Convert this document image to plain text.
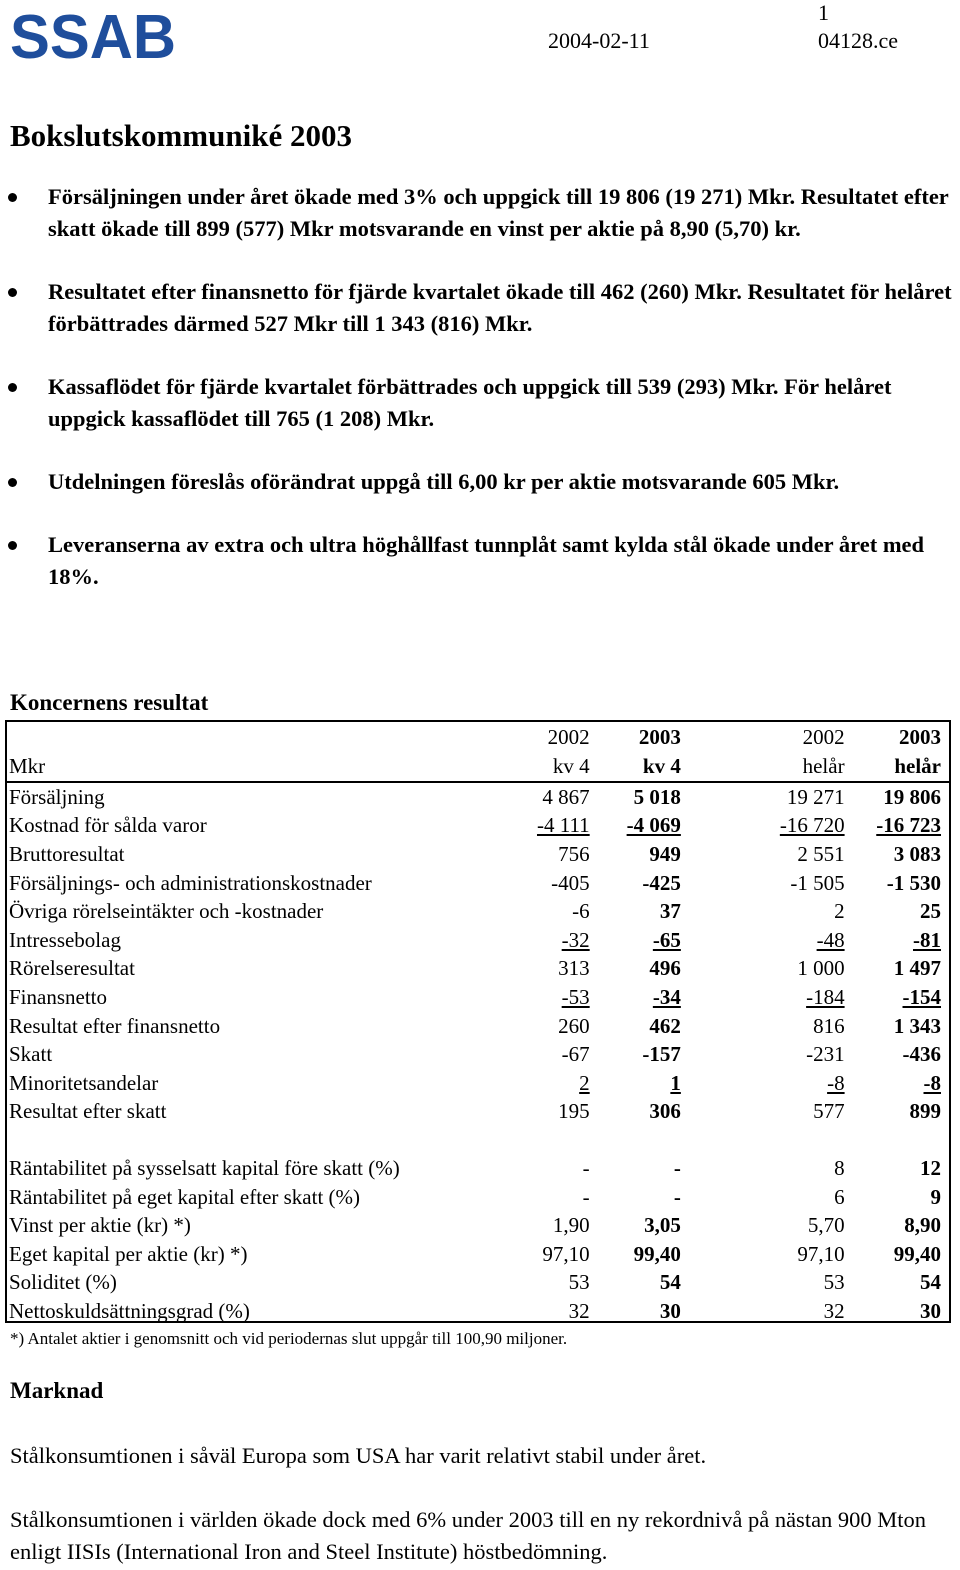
SSAB	1
2004-02-11	04128.ce
Bokslutskommuniké 2003
Försäljningen under året ökade med 3% och uppgick till 19 806 (19 271) Mkr. Resultatet efter skatt ökade till 899 (577) Mkr motsvarande en vinst per aktie på 8,90 (5,70) kr.
Resultatet efter finansnetto för fjärde kvartalet ökade till 462 (260) Mkr. Resultatet för helåret förbättrades därmed 527 Mkr till 1 343 (816) Mkr.
Kassaflödet för fjärde kvartalet förbättrades och uppgick till 539 (293) Mkr. För helåret uppgick kassaflödet till 765 (1 208) Mkr.
Utdelningen föreslås oförändrat uppgå till 6,00 kr per aktie motsvarande 605 Mkr.
Leveranserna av extra och ultra höghållfast tunnplåt samt kylda stål ökade under året med 18%.
Koncernens resultat
	2002	2003	2002	2003
Mkr	kv 4	kv 4	helår	helår
Försäljning	4 867	5 018	19 271	19 806
Kostnad för sålda varor	-4 111	-4 069	-16 720	-16 723
Bruttoresultat	756	949	2 551	3 083
Försäljnings- och administrationskostnader	-405	-425	-1 505	-1 530
Övriga rörelseintäkter och -kostnader	-6	37	2	25
Intressebolag	-32	-65	-48	-81
Rörelseresultat	313	496	1 000	1 497
Finansnetto	-53	-34	-184	-154
Resultat efter finansnetto	260	462	816	1 343
Skatt	-67	-157	-231	-436
Minoritetsandelar	2	1	-8	-8
Resultat efter skatt	195	306	577	899

Räntabilitet på sysselsatt kapital före skatt (%)	-	-	8	12
Räntabilitet på eget kapital efter skatt (%)	-	-	6	9
Vinst per aktie (kr) *)	1,90	3,05	5,70	8,90
Eget kapital per aktie (kr) *)	97,10	99,40	97,10	99,40
Soliditet (%)	53	54	53	54
Nettoskuldsättningsgrad (%)	32	30	32	30
*) Antalet aktier i genomsnitt och vid periodernas slut uppgår till 100,90 miljoner.
Marknad
Stålkonsumtionen i såväl Europa som USA har varit relativt stabil under året.
Stålkonsumtionen i världen ökade dock med 6% under 2003 till en ny rekordnivå på nästan 900 Mton enligt IISIs (International Iron and Steel Institute) höstbedömning.
